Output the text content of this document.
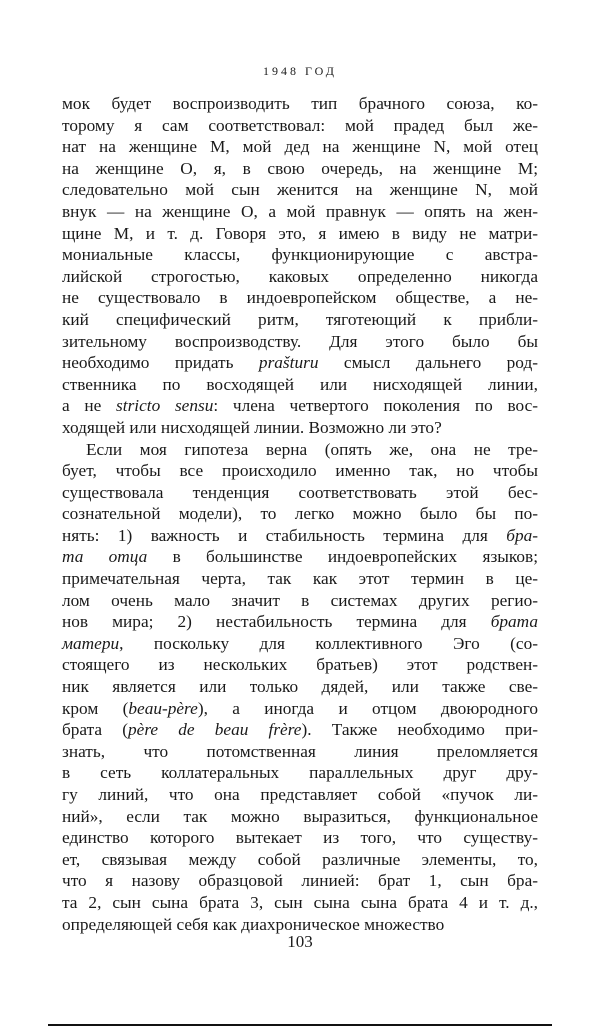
1948 ГОД
мок будет воспроизводить тип брачного союза, ко-
торому я сам соответствовал: мой прадед был же-
нат на женщине M, мой дед на женщине N, мой отец
на женщине O, я, в свою очередь, на женщине M;
следовательно мой сын женится на женщине N, мой
внук — на женщине O, а мой правнук — опять на жен-
щине M, и т. д. Говоря это, я имею в виду не матри-
мониальные классы, функционирующие с австра-
лийской строгостью, каковых определенно никогда
не существовало в индоевропейском обществе, а не-
кий специфический ритм, тяготеющий к прибли-
зительному воспроизводству. Для этого было бы
необходимо придать prašturu смысл дальнего род-
ственника по восходящей или нисходящей линии,
а не stricto sensu: члена четвертого поколения по вос-
ходящей или нисходящей линии. Возможно ли это?
Если моя гипотеза верна (опять же, она не тре-
бует, чтобы все происходило именно так, но чтобы
существовала тенденция соответствовать этой бес-
сознательной модели), то легко можно было бы по-
нять: 1) важность и стабильность термина для бра-
та отца в большинстве индоевропейских языков;
примечательная черта, так как этот термин в це-
лом очень мало значит в системах других регио-
нов мира; 2) нестабильность термина для брата
матери, поскольку для коллективного Эго (со-
стоящего из нескольких братьев) этот родствен-
ник является или только дядей, или также све-
кром (beau-père), а иногда и отцом двоюродного
брата (père de beau frère). Также необходимо при-
знать, что потомственная линия преломляется
в сеть коллатеральных параллельных друг дру-
гу линий, что она представляет собой «пучок ли-
ний», если так можно выразиться, функциональное
единство которого вытекает из того, что существу-
ет, связывая между собой различные элементы, то,
что я назову образцовой линией: брат 1, сын бра-
та 2, сын сына брата 3, сын сына сына брата 4 и т. д.,
определяющей себя как диахроническое множество
103
